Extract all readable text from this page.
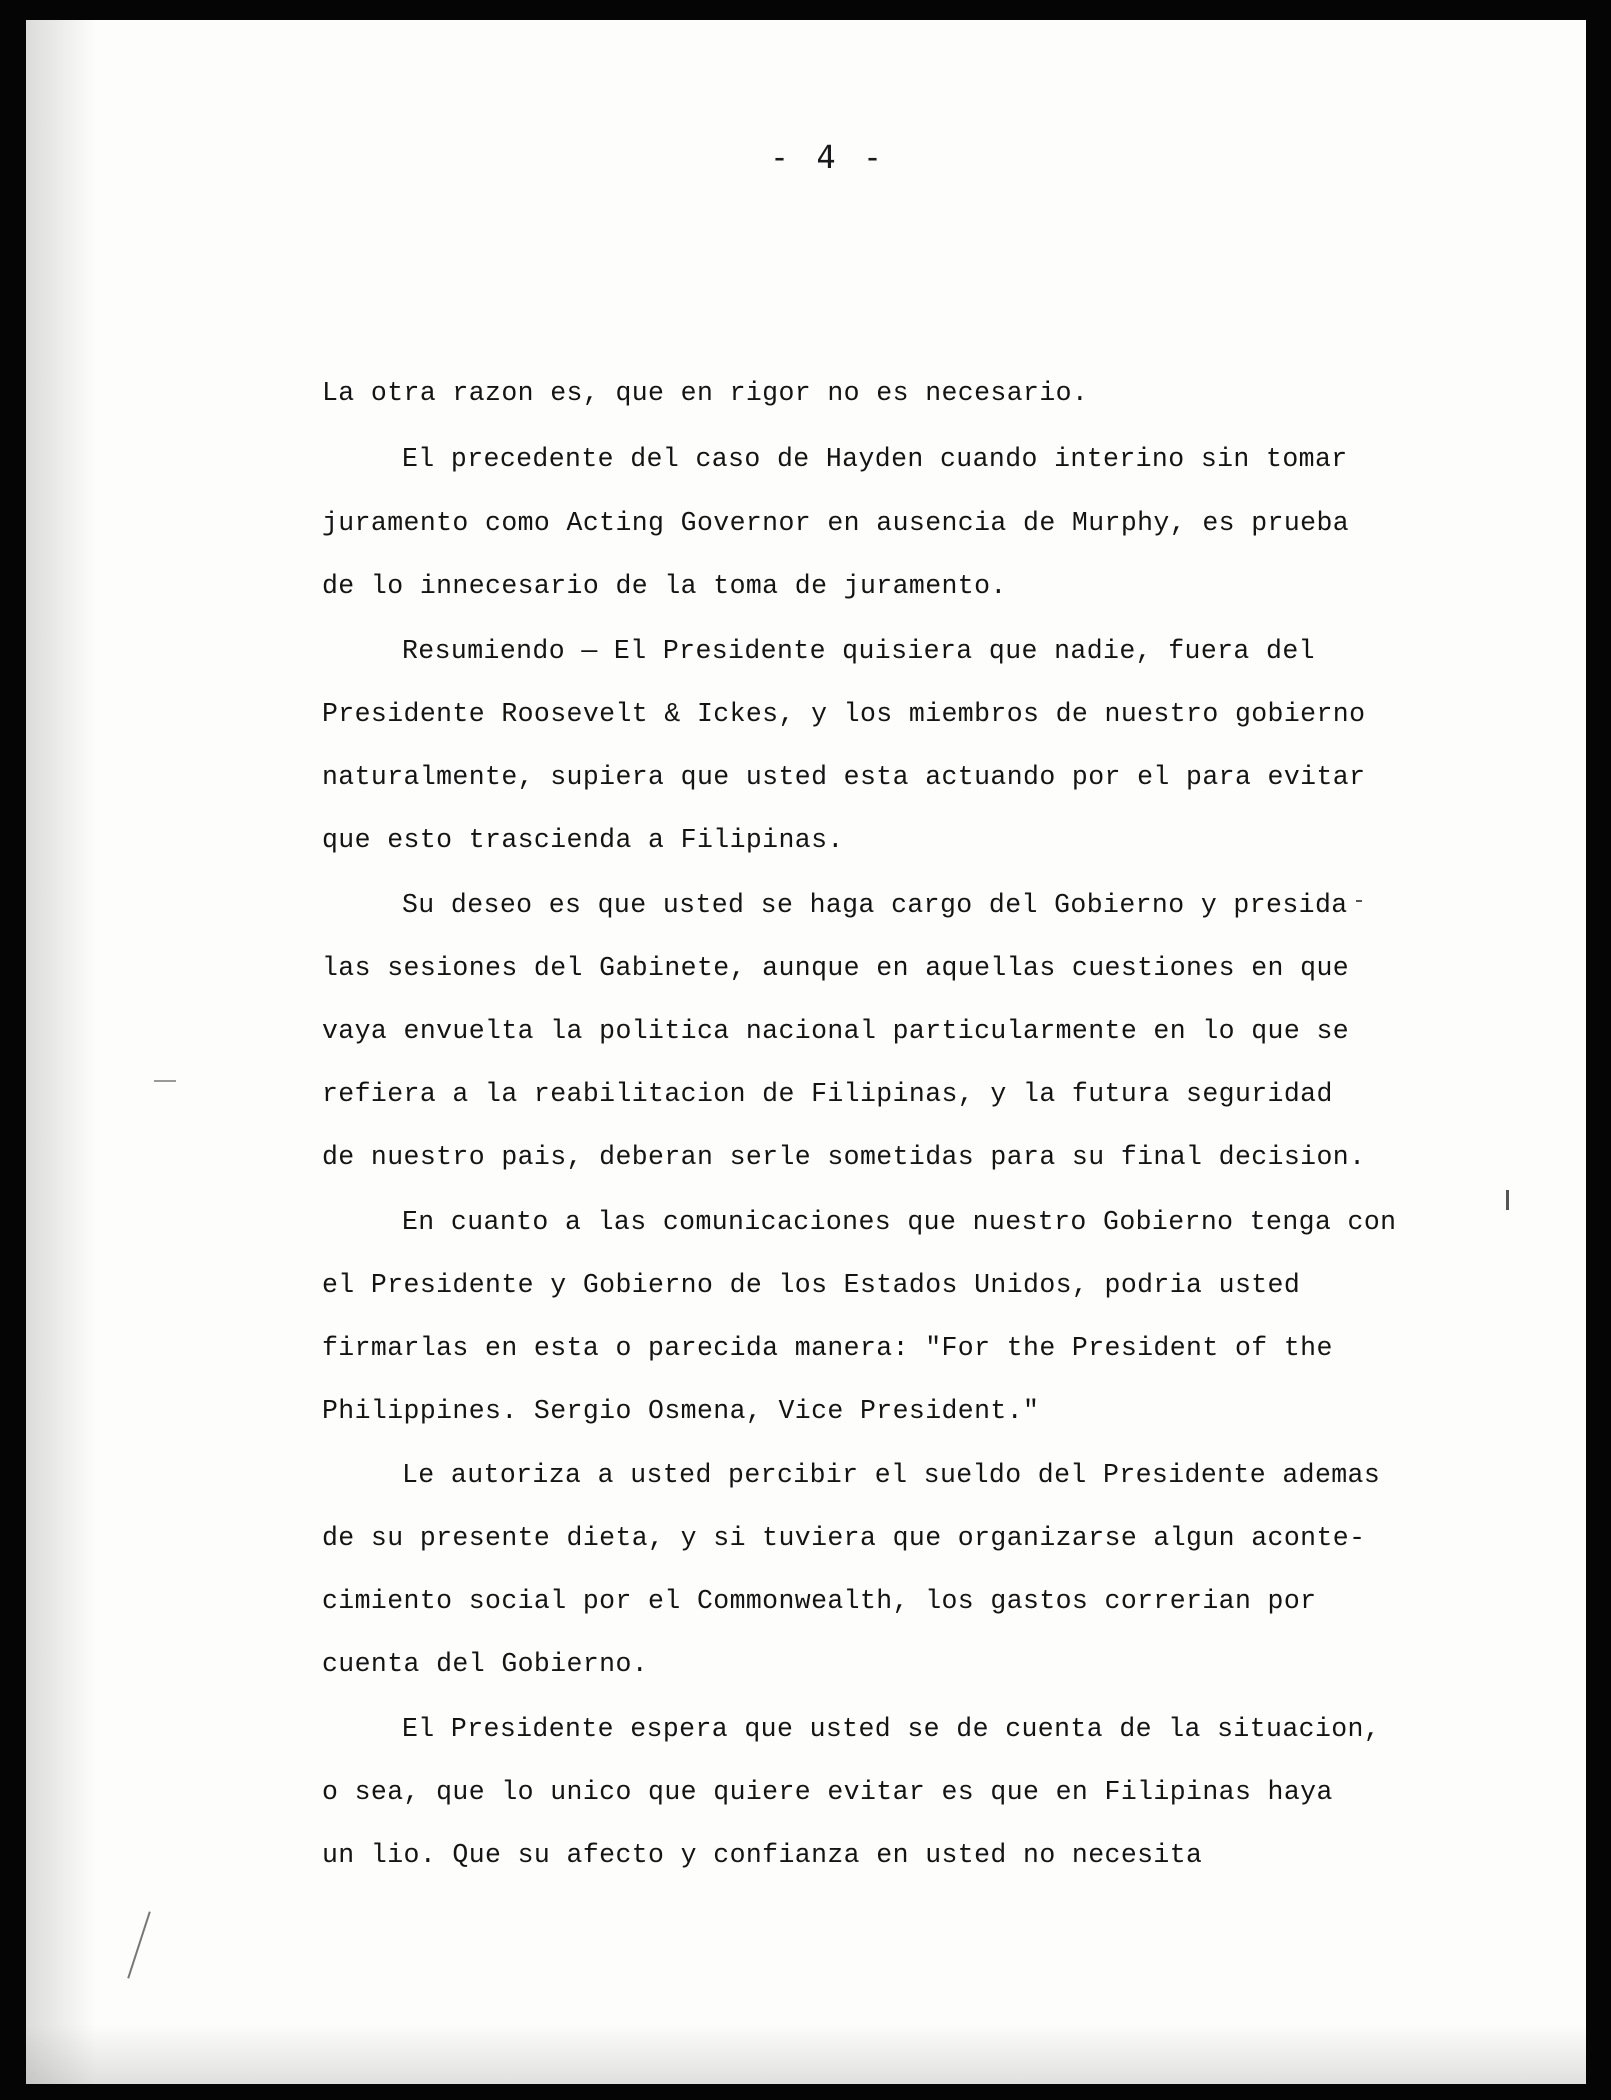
- 4 -
La otra razon es, que en rigor no es necesario.
El precedente del caso de Hayden cuando interino sin tomar
juramento como Acting Governor en ausencia de Murphy, es prueba
de lo innecesario de la toma de juramento.
Resumiendo — El Presidente quisiera que nadie, fuera del
Presidente Roosevelt & Ickes, y los miembros de nuestro gobierno
naturalmente, supiera que usted esta actuando por el para evitar
que esto trascienda a Filipinas.
Su deseo es que usted se haga cargo del Gobierno y presida
las sesiones del Gabinete, aunque en aquellas cuestiones en que
vaya envuelta la politica nacional particularmente en lo que se
refiera a la reabilitacion de Filipinas, y la futura seguridad
de nuestro pais, deberan serle sometidas para su final decision.
En cuanto a las comunicaciones que nuestro Gobierno tenga con
el Presidente y Gobierno de los Estados Unidos, podria usted
firmarlas en esta o parecida manera: "For the President of the
Philippines. Sergio Osmena, Vice President."
Le autoriza a usted percibir el sueldo del Presidente ademas
de su presente dieta, y si tuviera que organizarse algun aconte-
cimiento social por el Commonwealth, los gastos correrian por
cuenta del Gobierno.
El Presidente espera que usted se de cuenta de la situacion,
o sea, que lo unico que quiere evitar es que en Filipinas haya
un lio. Que su afecto y confianza en usted no necesita
